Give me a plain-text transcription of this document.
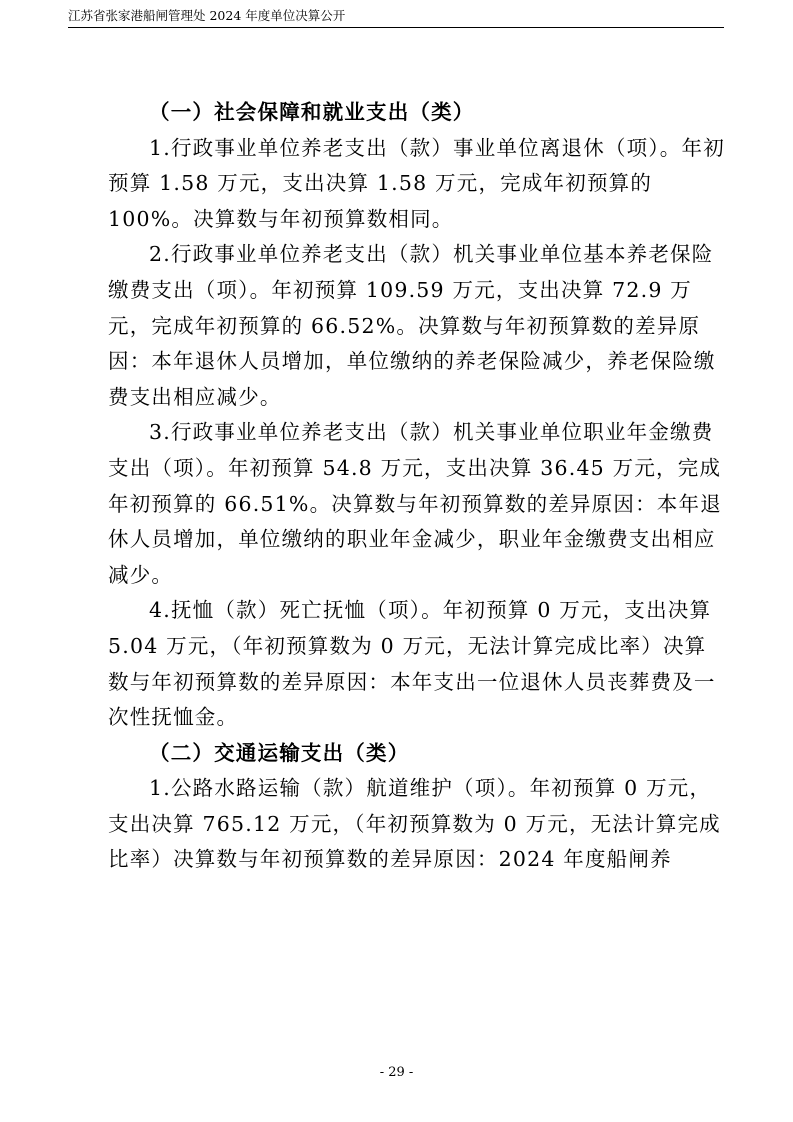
江苏省张家港船闸管理处 2024 年度单位决算公开
（一）社会保障和就业支出（类）

1.行政事业单位养老支出（款）事业单位离退休（项）。年初预算 1.58 万元，支出决算 1.58 万元，完成年初预算的100%。决算数与年初预算数相同。

2.行政事业单位养老支出（款）机关事业单位基本养老保险缴费支出（项）。年初预算 109.59 万元，支出决算 72.9 万元，完成年初预算的 66.52%。决算数与年初预算数的差异原因：本年退休人员增加，单位缴纳的养老保险减少，养老保险缴费支出相应减少。

3.行政事业单位养老支出（款）机关事业单位职业年金缴费支出（项）。年初预算 54.8 万元，支出决算 36.45 万元，完成年初预算的 66.51%。决算数与年初预算数的差异原因：本年退休人员增加，单位缴纳的职业年金减少，职业年金缴费支出相应减少。

4.抚恤（款）死亡抚恤（项）。年初预算 0 万元，支出决算 5.04 万元，（年初预算数为 0 万元，无法计算完成比率）决算数与年初预算数的差异原因：本年支出一位退休人员丧葬费及一次性抚恤金。

（二）交通运输支出（类）

1.公路水路运输（款）航道维护（项）。年初预算 0 万元，支出决算 765.12 万元，（年初预算数为 0 万元，无法计算完成比率）决算数与年初预算数的差异原因：2024 年度船闸养

- 29 -
